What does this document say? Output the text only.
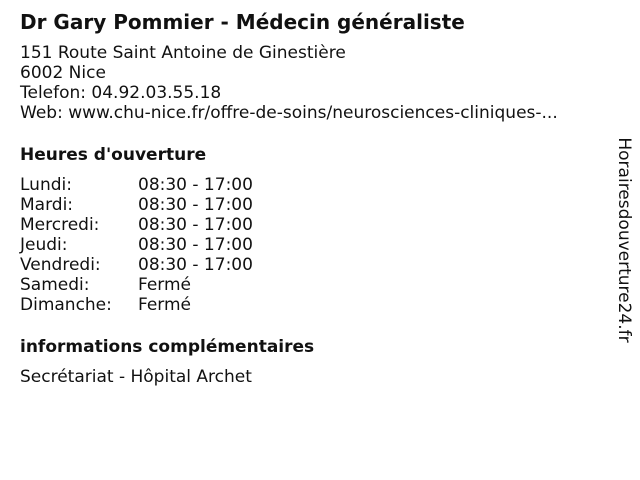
Dr Gary Pommier - Médecin généraliste
151 Route Saint Antoine de Ginestière
6002 Nice
Telefon: 04.92.03.55.18
Web: www.chu-nice.fr/offre-de-soins/neurosciences-cliniques-...
Heures d'ouverture
Lundi:	08:30 - 17:00
Mardi:	08:30 - 17:00
Mercredi:	08:30 - 17:00
Jeudi:	08:30 - 17:00
Vendredi:	08:30 - 17:00
Samedi:	Fermé
Dimanche:	Fermé
informations complémentaires
Secrétariat - Hôpital Archet
Horairesdouverture24.fr
